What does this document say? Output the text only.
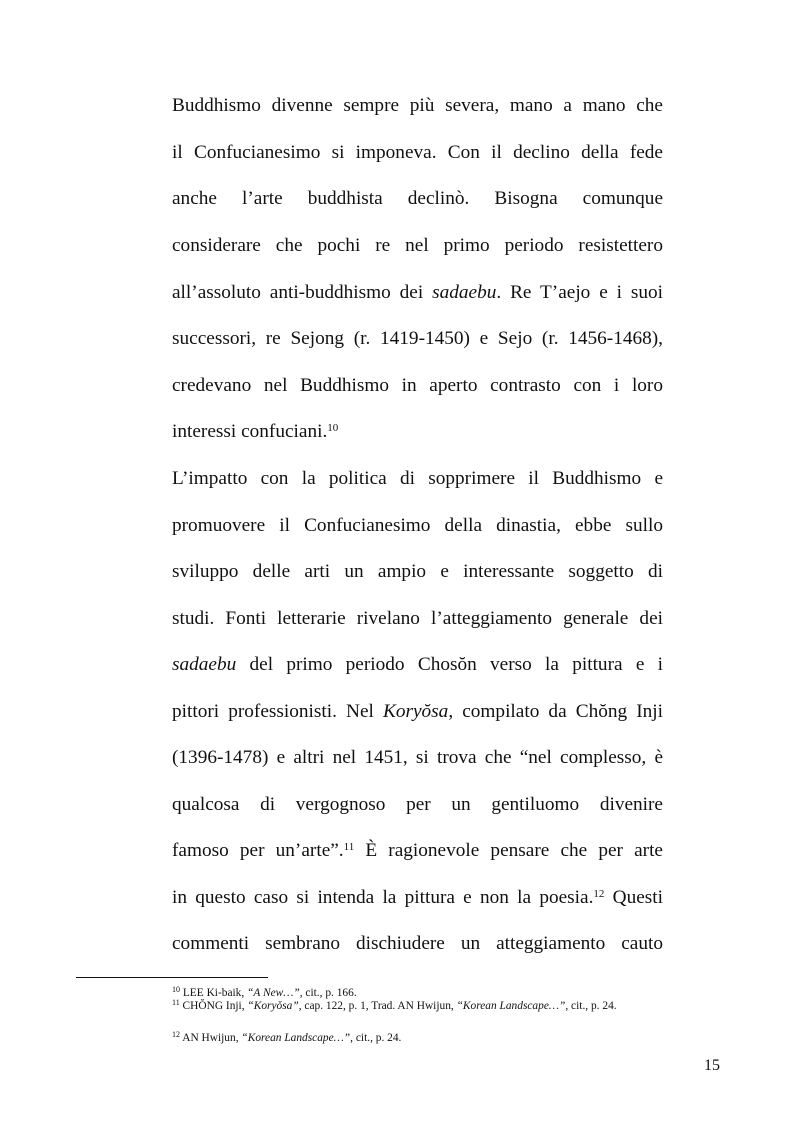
Buddhismo divenne sempre più severa, mano a mano che
il Confucianesimo si imponeva. Con il declino della fede
anche l’arte buddhista declinò. Bisogna comunque
considerare che pochi re nel primo periodo resistettero
all’assoluto anti-buddhismo dei sadaebu. Re T’aejo e i suoi
successori, re Sejong (r. 1419-1450) e Sejo (r. 1456-1468),
credevano nel Buddhismo in aperto contrasto con i loro
interessi confuciani.$^{10}$
L’impatto con la politica di sopprimere il Buddhismo e
promuovere il Confucianesimo della dinastia, ebbe sullo
sviluppo delle arti un ampio e interessante soggetto di
studi. Fonti letterarie rivelano l’atteggiamento generale dei
sadaebu del primo periodo Chosŏn verso la pittura e i
pittori professionisti. Nel Koryŏsa, compilato da Chŏng Inji
(1396-1478) e altri nel 1451, si trova che “nel complesso, è
qualcosa di vergognoso per un gentiluomo divenire
famoso per un’arte”.$^{11}$ È ragionevole pensare che per arte
in questo caso si intenda la pittura e non la poesia.$^{12}$ Questi
commenti sembrano dischiudere un atteggiamento cauto
$^{10}$ LEE Ki-baik, “A New…”, cit., p. 166.
$^{11}$ CHŎNG Inji, “Koryŏsa”, cap. 122, p. 1, Trad. AN Hwijun, “Korean Landscape…”, cit., p. 24.
$^{12}$ AN Hwijun, “Korean Landscape…”, cit., p. 24.
15
